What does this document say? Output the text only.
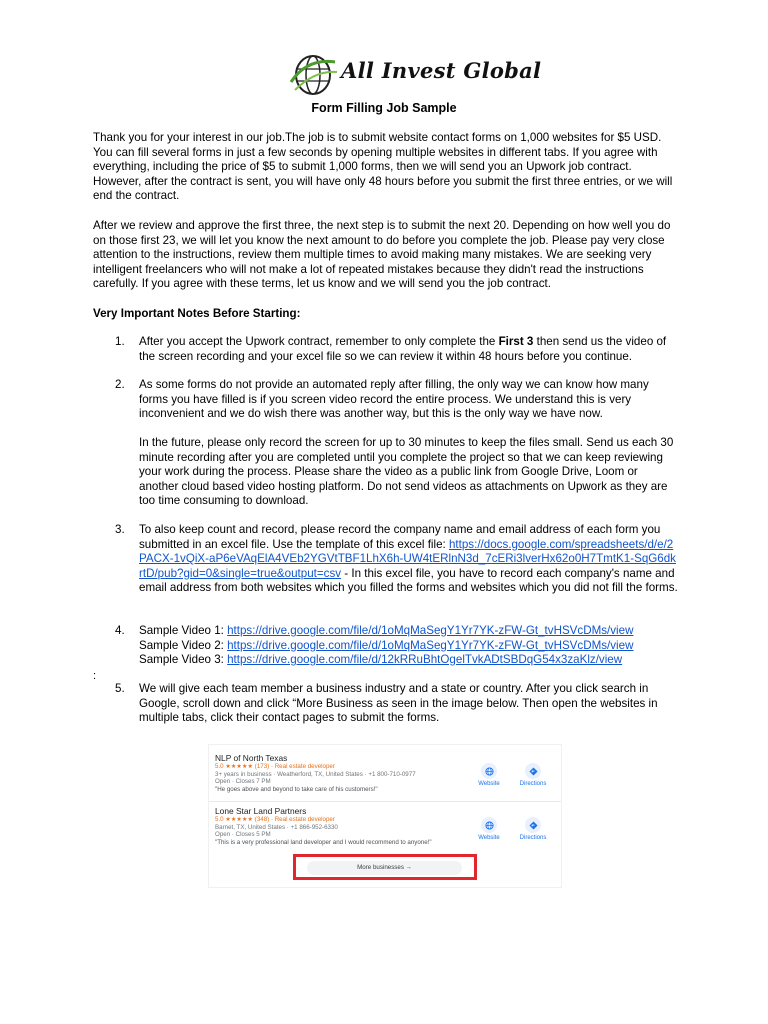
All Invest Global
Form Filling Job Sample

Thank you for your interest in our job.The job is to submit website contact forms on 1,000 websites for $5 USD. You can fill several forms in just a few seconds by opening multiple websites in different tabs. If you agree with everything, including the price of $5 to submit 1,000 forms, then we will send you an Upwork job contract. However, after the contract is sent, you will have only 48 hours before you submit the first three entries, or we will end the contract.

After we review and approve the first three, the next step is to submit the next 20. Depending on how well you do on those first 23, we will let you know the next amount to do before you complete the job. Please pay very close attention to the instructions, review them multiple times to avoid making many mistakes. We are seeking very intelligent freelancers who will not make a lot of repeated mistakes because they didn't read the instructions carefully. If you agree with these terms, let us know and we will send you the job contract.

Very Important Notes Before Starting:
1. After you accept the Upwork contract, remember to only complete the First 3 then send us the video of the screen recording and your excel file so we can review it within 48 hours before you continue.
2. As some forms do not provide an automated reply after filling, the only way we can know how many forms you have filled is if you screen video record the entire process. We understand this is very inconvenient and we do wish there was another way, but this is the only way we have now.
In the future, please only record the screen for up to 30 minutes to keep the files small. Send us each 30 minute recording after you are completed until you complete the project so that we can keep reviewing your work during the process. Please share the video as a public link from Google Drive, Loom or another cloud based video hosting platform. Do not send videos as attachments on Upwork as they are too time consuming to download.
3. To also keep count and record, please record the company name and email address of each form you submitted in an excel file. Use the template of this excel file: https://docs.google.com/spreadsheets/d/e/2PACX-1vQiX-aP6eVAqElA4VEb2YGVtTBF1LhX6h-UW4tERlnN3d_7cERi3lverHx62o0H7TmtK1-SqG6dkrtD/pub?gid=0&single=true&output=csv - In this excel file, you have to record each company's name and email address from both websites which you filled the forms and websites which you did not fill the forms.
4. Sample Video 1: https://drive.google.com/file/d/1oMqMaSegY1Yr7YK-zFW-Gt_tvHSVcDMs/view
Sample Video 2: https://drive.google.com/file/d/1oMqMaSegY1Yr7YK-zFW-Gt_tvHSVcDMs/view
Sample Video 3: https://drive.google.com/file/d/12kRRuBhtOgelTvkADtSBDqG54x3zaKlz/view
:
5. We will give each team member a business industry and a state or country. After you click search in Google, scroll down and click “More Business as seen in the image below. Then open the websites in multiple tabs, click their contact pages to submit the forms.
NLP of North Texas
5.0 ★★★★★ (173) · Real estate developer
3+ years in business · Weatherford, TX, United States · +1 800-710-0977
Open · Closes 7 PM
"He goes above and beyond to take care of his customers!"
Website	Directions
Lone Star Land Partners
5.0 ★★★★★ (348) · Real estate developer
Barnet, TX, United States · +1 866-952-6330
Open · Closes 5 PM
"This is a very professional land developer and I would recommend to anyone!"
Website	Directions
More businesses →
